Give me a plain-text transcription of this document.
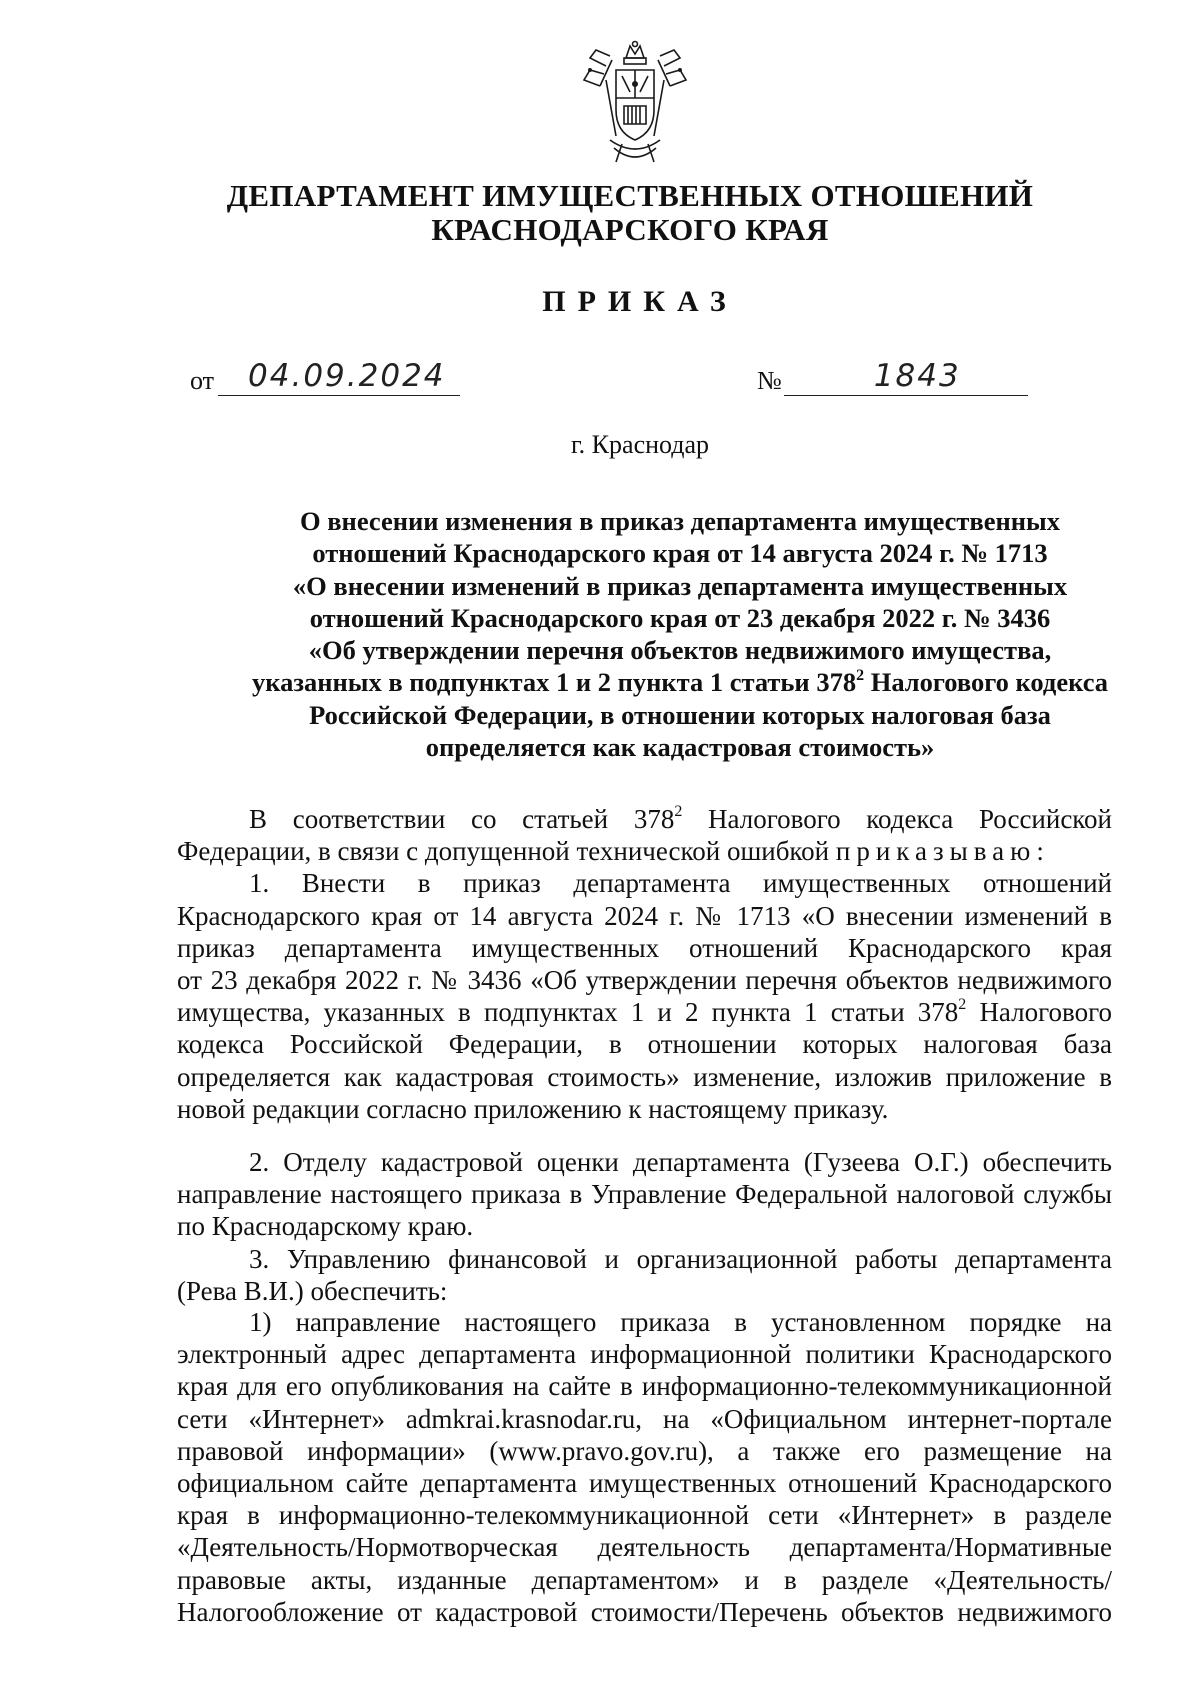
ДЕПАРТАМЕНТ ИМУЩЕСТВЕННЫХ ОТНОШЕНИЙ
КРАСНОДАРСКОГО КРАЯ
ПРИКАЗ
от 04.09.2024	№	1843
г. Краснодар
О внесении изменения в приказ департамента имущественных
отношений Краснодарского края от 14 августа 2024 г. № 1713
«О внесении изменений в приказ департамента имущественных
отношений Краснодарского края от 23 декабря 2022 г. № 3436
«Об утверждении перечня объектов недвижимого имущества,
указанных в подпунктах 1 и 2 пункта 1 статьи $378^2$ Налогового кодекса
Российской Федерации, в отношении которых налоговая база
определяется как кадастровая стоимость»
В соответствии со статьей $378^2$ Налогового кодекса Российской
Федерации, в связи с допущенной технической ошибкой приказываю:
1. Внести в приказ департамента имущественных отношений
Краснодарского края от 14 августа 2024 г. № 1713 «О внесении изменений в
приказ департамента имущественных отношений Краснодарского края
от 23 декабря 2022 г. № 3436 «Об утверждении перечня объектов недвижимого
имущества, указанных в подпунктах 1 и 2 пункта 1 статьи $378^2$ Налогового
кодекса Российской Федерации, в отношении которых налоговая база
определяется как кадастровая стоимость» изменение, изложив приложение в
новой редакции согласно приложению к настоящему приказу.
2. Отделу кадастровой оценки департамента (Гузеева О.Г.) обеспечить
направление настоящего приказа в Управление Федеральной налоговой службы
по Краснодарскому краю.
3. Управлению финансовой и организационной работы департамента
(Рева В.И.) обеспечить:
1) направление настоящего приказа в установленном порядке на
электронный адрес департамента информационной политики Краснодарского
края для его опубликования на сайте в информационно-телекоммуникационной
сети «Интернет» admkrai.krasnodar.ru, на «Официальном интернет-портале
правовой информации» (www.pravo.gov.ru), а также его размещение на
официальном сайте департамента имущественных отношений Краснодарского
края в информационно-телекоммуникационной сети «Интернет» в разделе
«Деятельность/Нормотворческая деятельность департамента/Нормативные
правовые акты, изданные департаментом» и в разделе «Деятельность/
Налогообложение от кадастровой стоимости/Перечень объектов недвижимого
